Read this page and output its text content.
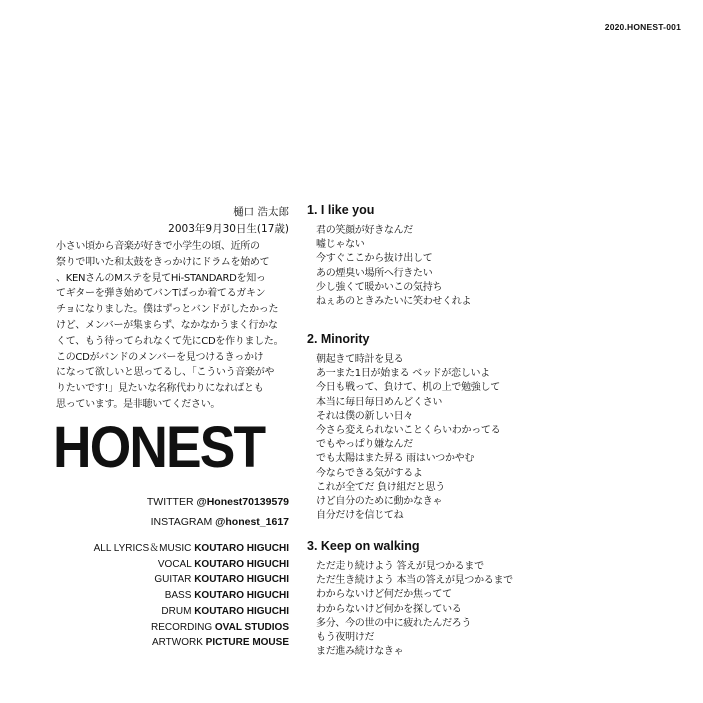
2020.HONEST-001
樋口 浩太郎
2003年9月30日生(17歳)
小さい頃から音楽が好きで小学生の頃、近所の
祭りで叩いた和太鼓をきっかけにドラムを始めて
、KENさんのMステを見てHi-STANDARDを知っ
てギターを弾き始めてバンTばっか着てるガキン
チョになりました。僕はずっとバンドがしたかった
けど、メンバーが集まらず、なかなかうまく行かな
くて、もう待ってられなくて先にCDを作りました。
このCDがバンドのメンバーを見つけるきっかけ
になって欲しいと思ってるし、「こういう音楽がや
りたいです!」見たいな名称代わりになればとも
思っています。是非聴いてください。
HONEST
TWITTER @Honest70139579
INSTAGRAM @honest_1617
ALL LYRICS＆MUSIC KOUTARO HIGUCHI
VOCAL KOUTARO HIGUCHI
GUITAR KOUTARO HIGUCHI
BASS KOUTARO HIGUCHI
DRUM KOUTARO HIGUCHI
RECORDING OVAL STUDIOS
ARTWORK PICTURE MOUSE
1. I like you
君の笑顔が好きなんだ
嘘じゃない
今すぐここから抜け出して
あの煙臭い場所へ行きたい
少し強くて暖かいこの気持ち
ねぇあのときみたいに笑わせくれよ
2. Minority
朝起きて時計を見る
あ一また1日が始まる ベッドが恋しいよ
今日も戦って、負けて、机の上で勉強して
本当に毎日毎日めんどくさい
それは僕の新しい日々
今さら変えられないことくらいわかってる
でもやっぱり嫌なんだ
でも太陽はまた昇る 雨はいつかやむ
今ならできる気がするよ
これが全てだ 負け組だと思う
けど自分のために動かなきゃ
自分だけを信じてね
3. Keep on walking
ただ走り続けよう 答えが見つかるまで
ただ生き続けよう 本当の答えが見つかるまで
わからないけど何だか焦ってて
わからないけど何かを探している
多分、今の世の中に疲れたんだろう
もう夜明けだ
まだ進み続けなきゃ
